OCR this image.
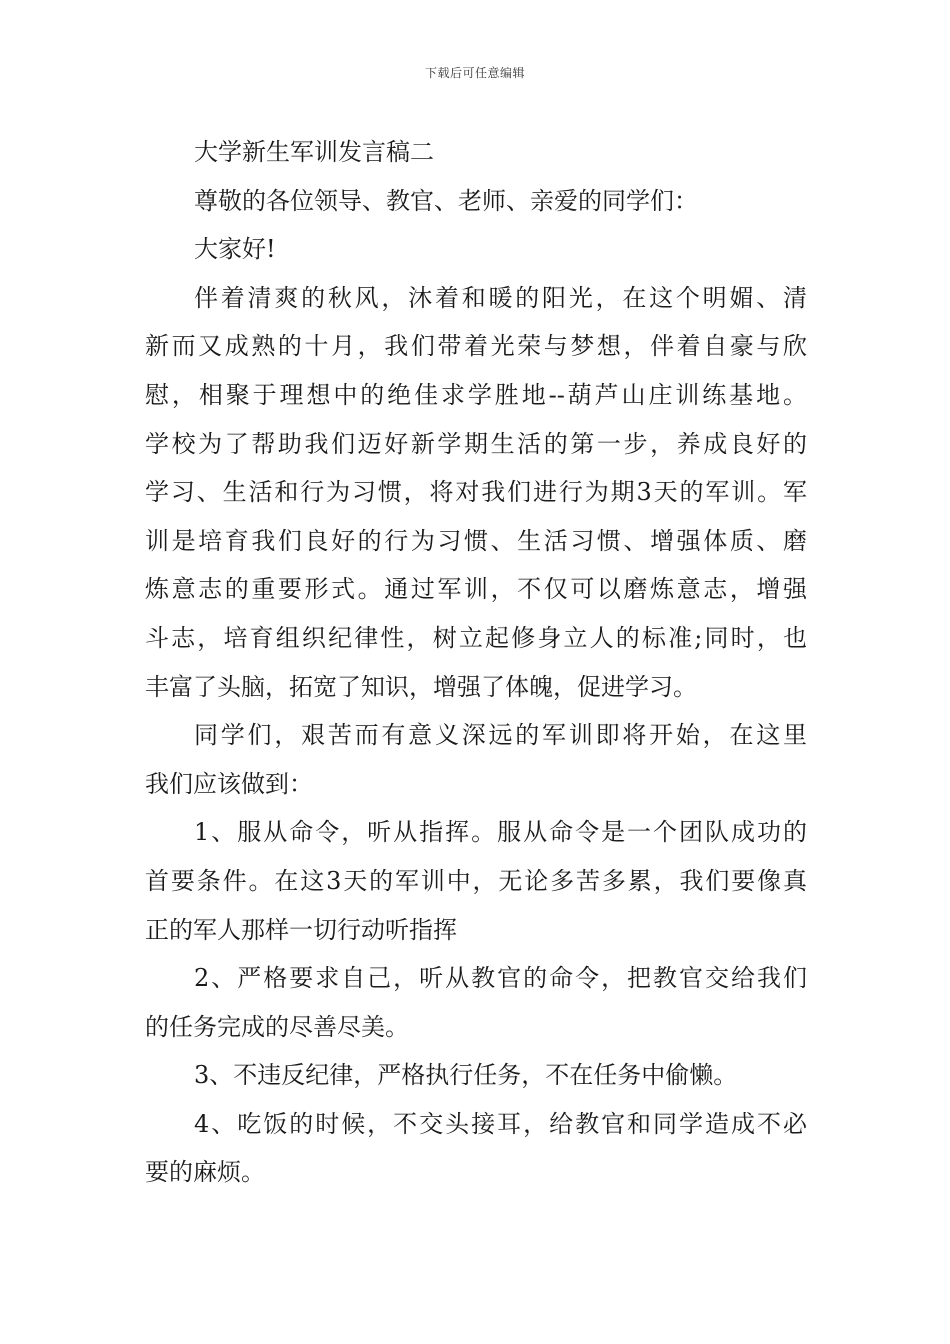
下载后可任意编辑
大学新生军训发言稿二
尊敬的各位领导、教官、老师、亲爱的同学们：
大家好!
伴着清爽的秋风，沐着和暖的阳光，在这个明媚、清
新而又成熟的十月，我们带着光荣与梦想，伴着自豪与欣
慰，相聚于理想中的绝佳求学胜地--葫芦山庄训练基地。
学校为了帮助我们迈好新学期生活的第一步，养成良好的
学习、生活和行为习惯，将对我们进行为期3天的军训。军
训是培育我们良好的行为习惯、生活习惯、增强体质、磨
炼意志的重要形式。通过军训，不仅可以磨炼意志，增强
斗志，培育组织纪律性，树立起修身立人的标准;同时，也
丰富了头脑，拓宽了知识，增强了体魄，促进学习。
同学们，艰苦而有意义深远的军训即将开始，在这里
我们应该做到：
1、服从命令，听从指挥。服从命令是一个团队成功的
首要条件。在这3天的军训中，无论多苦多累，我们要像真
正的军人那样一切行动听指挥
2、严格要求自己，听从教官的命令，把教官交给我们
的任务完成的尽善尽美。
3、不违反纪律，严格执行任务，不在任务中偷懒。
4、吃饭的时候，不交头接耳，给教官和同学造成不必
要的麻烦。
